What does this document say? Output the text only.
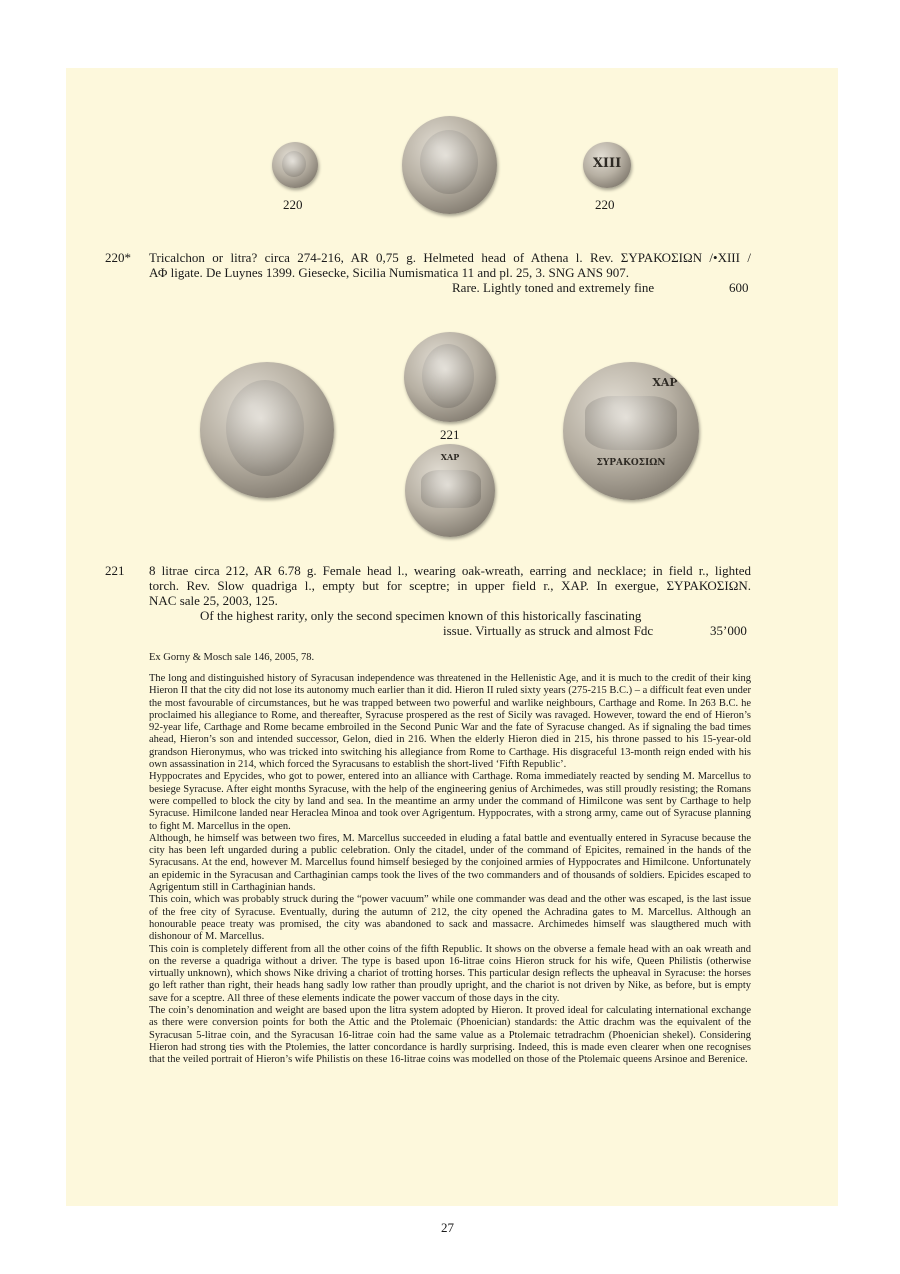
ΧΙΙΙ
220	220
220* Tricalchon or litra? circa 274-216, AR 0,75 g. Helmeted head of Athena l. Rev. ΣΥΡΑΚΟΣΙΩΝ /•XIII /
ΑΦ ligate. De Luynes 1399. Giesecke, Sicilia Numismatica 11 and pl. 25, 3. SNG ANS 907.
Rare. Lightly toned and extremely fine	600
221
ΧΑΡ
ΧΑΡ
ΣΥΡΑΚΟΣΙΩΝ
221 8 litrae circa 212, AR 6.78 g. Female head l., wearing oak-wreath, earring and necklace; in field r., lighted
torch. Rev. Slow quadriga l., empty but for sceptre; in upper field r., ΧΑΡ. In exergue, ΣΥΡΑΚΟΣΙΩΝ.
NAC sale 25, 2003, 125.
Of the highest rarity, only the second specimen known of this historically fascinating
issue. Virtually as struck and almost Fdc	35’000
Ex Gorny & Mosch sale 146, 2005, 78.

The long and distinguished history of Syracusan independence was threatened in the Hellenistic Age, and it is much to the credit of their king Hieron II that the city did not lose its autonomy much earlier than it did. Hieron II ruled sixty years (275-215 B.C.) – a difficult feat even under the most favourable of circumstances, but he was trapped between two powerful and warlike neighbours, Carthage and Rome. In 263 B.C. he proclaimed his allegiance to Rome, and thereafter, Syracuse prospered as the rest of Sicily was ravaged. However, toward the end of Hieron’s 92-year life, Carthage and Rome became embroiled in the Second Punic War and the fate of Syracuse changed. As if signaling the bad times ahead, Hieron’s son and intended successor, Gelon, died in 216. When the elderly Hieron died in 215, his throne passed to his 15-year-old grandson Hieronymus, who was tricked into switching his allegiance from Rome to Carthage. His disgraceful 13-month reign ended with his own assassination in 214, which forced the Syracusans to establish the short-lived ‘Fifth Republic’.

Hyppocrates and Epycides, who got to power, entered into an alliance with Carthage. Roma immediately reacted by sending M. Marcellus to besiege Syracuse. After eight months Syracuse, with the help of the engineering genius of Archimedes, was still proudly resisting; the Romans were compelled to block the city by land and sea. In the meantime an army under the command of Himilcone was sent by Carthage to help Syracuse. Himilcone landed near Heraclea Minoa and took over Agrigentum. Hyppocrates, with a strong army, came out of Syracuse planning to fight M. Marcellus in the open.

Although, he himself was between two fires, M. Marcellus succeeded in eluding a fatal battle and eventually entered in Syracuse because the city has been left ungarded during a public celebration. Only the citadel, under of the command of Epicites, remained in the hands of the Syracusans. At the end, however M. Marcellus found himself besieged by the conjoined armies of Hyppocrates and Himilcone. Unfortunately an epidemic in the Syracusan and Carthaginian camps took the lives of the two commanders and of thousands of soldiers. Epicides escaped to Agrigentum still in Carthaginian hands.

This coin, which was probably struck during the “power vacuum” while one commander was dead and the other was escaped, is the last issue of the free city of Syracuse. Eventually, during the autumn of 212, the city opened the Achradina gates to M. Marcellus. Although an honourable peace treaty was promised, the city was abandoned to sack and massacre. Archimedes himself was slaugthered much with dishonour of M. Marcellus.

This coin is completely different from all the other coins of the fifth Republic. It shows on the obverse a female head with an oak wreath and on the reverse a quadriga without a driver. The type is based upon 16-litrae coins Hieron struck for his wife, Queen Philistis (otherwise virtually unknown), which shows Nike driving a chariot of trotting horses. This particular design reflects the upheaval in Syracuse: the horses go left rather than right, their heads hang sadly low rather than proudly upright, and the chariot is not driven by Nike, as before, but is empty save for a sceptre. All three of these elements indicate the power vaccum of those days in the city.

The coin’s denomination and weight are based upon the litra system adopted by Hieron. It proved ideal for calculating international exchange as there were conversion points for both the Attic and the Ptolemaic (Phoenician) standards: the Attic drachm was the equivalent of the Syracusan 5-litrae coin, and the Syracusan 16-litrae coin had the same value as a Ptolemaic tetradrachm (Phoenician shekel). Considering Hieron had strong ties with the Ptolemies, the latter concordance is hardly surprising. Indeed, this is made even clearer when one recognises that the veiled portrait of Hieron’s wife Philistis on these 16-litrae coins was modelled on those of the Ptolemaic queens Arsinoe and Berenice.

27
